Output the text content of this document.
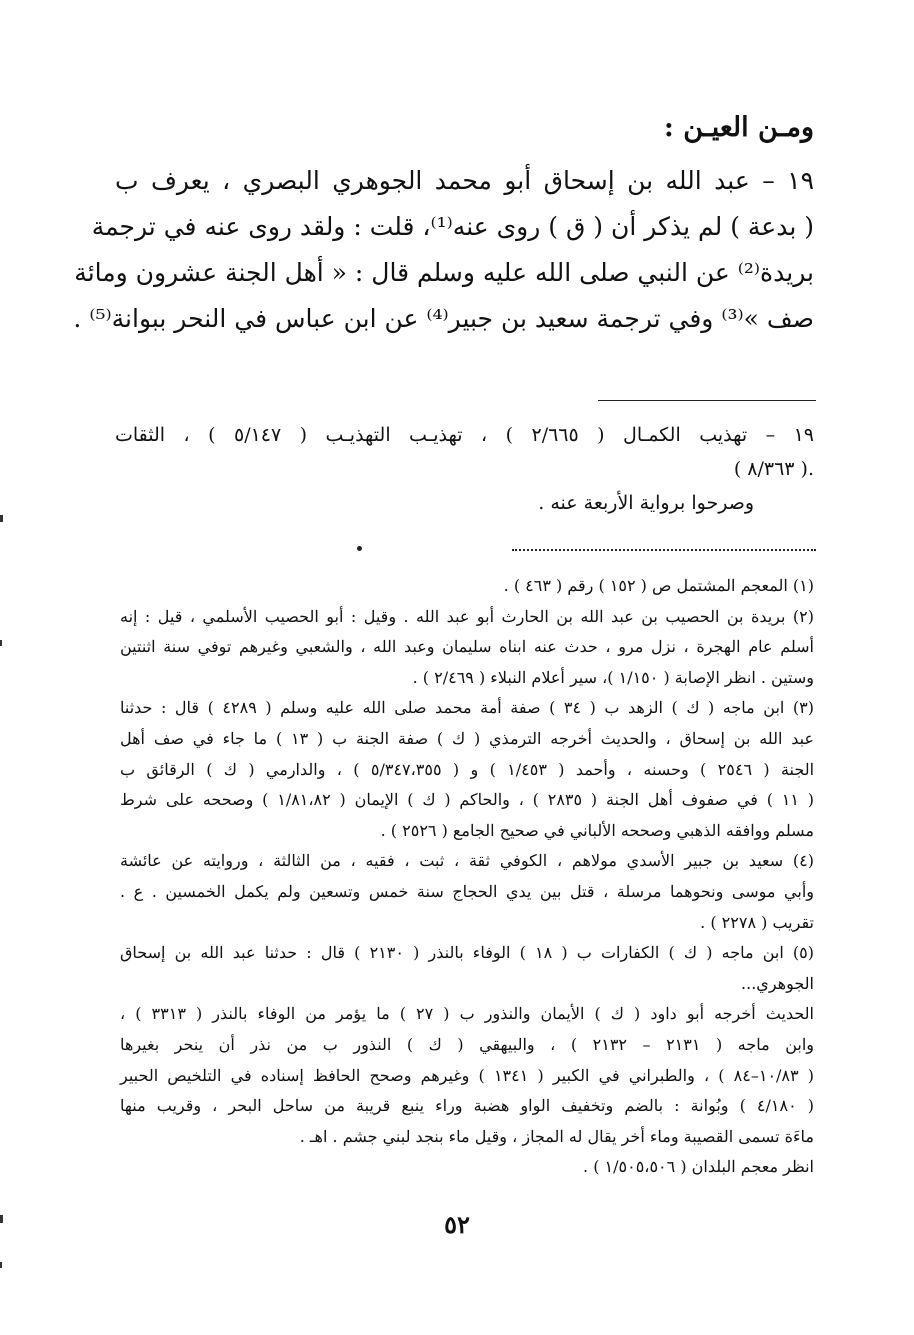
ومـن العيـن :
١٩ – عبد الله بن إسحاق أبو محمد الجوهري البصري ، يعرف ب
( بدعة ) لم يذكر أن ( ق ) روى عنه⁽¹⁾، قلت : ولقد روى عنه في ترجمة
بريدة⁽²⁾ عن النبي صلى الله عليه وسلم قال : « أهل الجنة عشرون ومائة
صف »⁽³⁾ وفي ترجمة سعيد بن جبير⁽⁴⁾ عن ابن عباس في النحر ببوانة⁽⁵⁾ .
١٩ – تهذيب الكمـال ( ٢/٦٦٥ ) ، تهذيـب التهذيـب ( ٥/١٤٧ ) ، الثقات
( ٨/٣٦٣ ).
وصرحوا برواية الأربعة عنه .
(١) المعجم المشتمل ص ( ١٥٢ ) رقم ( ٤٦٣ ) .
(٢) بريدة بن الحصيب بن عبد الله بن الحارث أبو عبد الله . وقيل : أبو الحصيب الأسلمي ، قيل : إنه
أسلم عام الهجرة ، نزل مرو ، حدث عنه ابناه سليمان وعبد الله ، والشعبي وغيرهم توفي سنة اثنتين
وستين . انظر الإصابة ( ١/١٥٠ )، سير أعلام النبلاء ( ٢/٤٦٩ ) .
(٣) ابن ماجه ( ك ) الزهد ب ( ٣٤ ) صفة أمة محمد صلى الله عليه وسلم ( ٤٢٨٩ ) قال : حدثنا
عبد الله بن إسحاق ، والحديث أخرجه الترمذي ( ك ) صفة الجنة ب ( ١٣ ) ما جاء في صف أهل
الجنة ( ٢٥٤٦ ) وحسنه ، وأحمد ( ١/٤٥٣ ) و ( ٥/٣٤٧،٣٥٥ ) ، والدارمي ( ك ) الرقائق ب
( ١١ ) في صفوف أهل الجنة ( ٢٨٣٥ ) ، والحاكم ( ك ) الإيمان ( ١/٨١،٨٢ ) وصححه على شرط
مسلم ووافقه الذهبي وصححه الألباني في صحيح الجامع ( ٢٥٢٦ ) .
(٤) سعيد بن جبير الأسدي مولاهم ، الكوفي ثقة ، ثبت ، فقيه ، من الثالثة ، وروايته عن عائشة
وأبي موسى ونحوهما مرسلة ، قتل بين يدي الحجاج سنة خمس وتسعين ولم يكمل الخمسين . ع .
تقريب ( ٢٢٧٨ ) .
(٥) ابن ماجه ( ك ) الكفارات ب ( ١٨ ) الوفاء بالنذر ( ٢١٣٠ ) قال : حدثنا عبد الله بن إسحاق
الجوهري...
الحديث أخرجه أبو داود ( ك ) الأيمان والنذور ب ( ٢٧ ) ما يؤمر من الوفاء بالنذر ( ٣٣١٣ ) ،
وابن ماجه ( ٢١٣١ – ٢١٣٢ ) ، والبيهقي ( ك ) النذور ب من نذر أن ينحر بغيرها
( ١٠/٨٣–٨٤ ) ، والطبراني في الكبير ( ١٣٤١ ) وغيرهم وصحح الحافظ إسناده في التلخيص الحبير
( ٤/١٨٠ ) وبُوانة : بالضم وتخفيف الواو هضبة وراء ينبع قريبة من ساحل البحر ، وقريب منها
ماءَة تسمى القصيبة وماء أخر يقال له المجاز ، وقيل ماء بنجد لبني جشم . اهـ .
انظر معجم البلدان ( ١/٥٠٥،٥٠٦ ) .
٥٢
